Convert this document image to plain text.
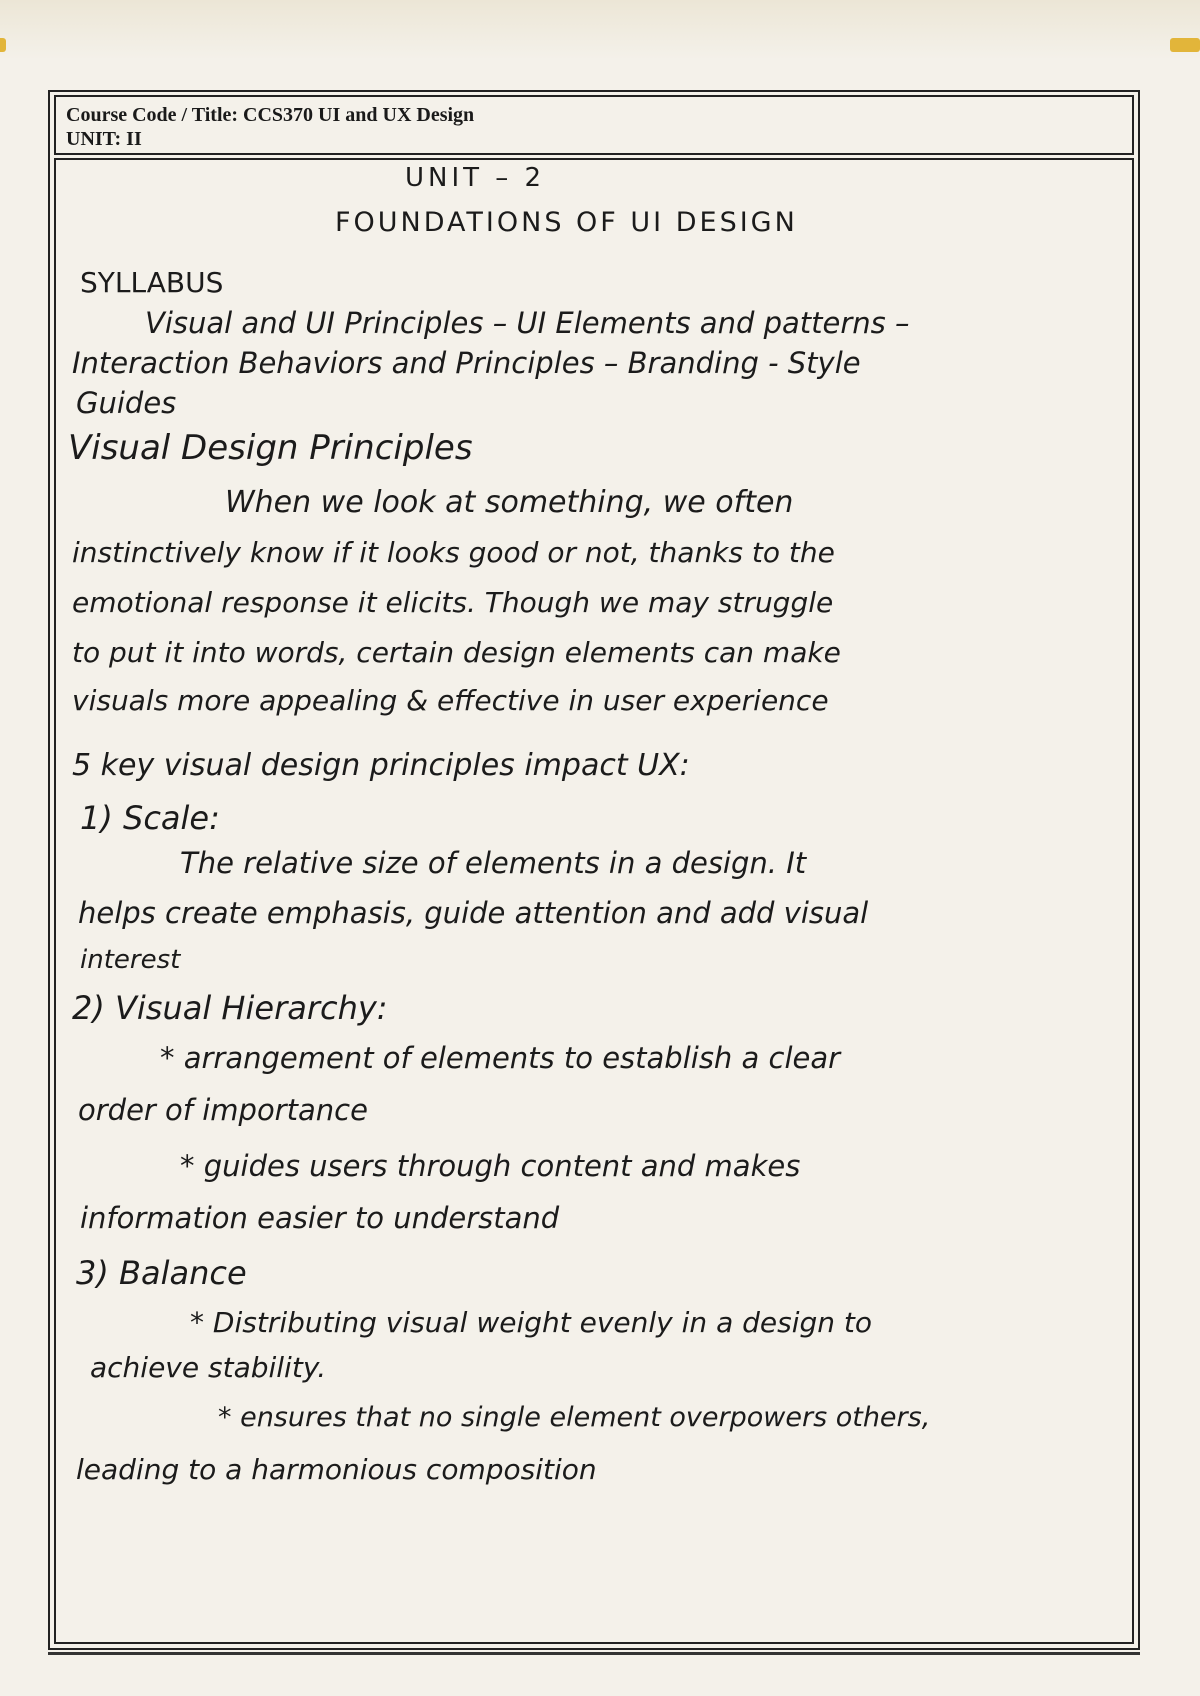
Course Code / Title: CCS370 UI and UX Design
UNIT: II
UNIT – 2
FOUNDATIONS OF UI DESIGN
SYLLABUS
Visual and UI Principles – UI Elements and patterns –
Interaction Behaviors and Principles – Branding - Style
Guides
Visual Design Principles
When we look at something, we often
instinctively know if it looks good or not, thanks to the
emotional response it elicits. Though we may struggle
to put it into words, certain design elements can make
visuals more appealing & effective in user experience
5 key visual design principles impact UX:
1) Scale:
The relative size of elements in a design. It
helps create emphasis, guide attention and add visual
interest
2) Visual Hierarchy:
* arrangement of elements to establish a clear
order of importance
* guides users through content and makes
information easier to understand
3) Balance
* Distributing visual weight evenly in a design to
achieve stability.
* ensures that no single element overpowers others,
leading to a harmonious composition
